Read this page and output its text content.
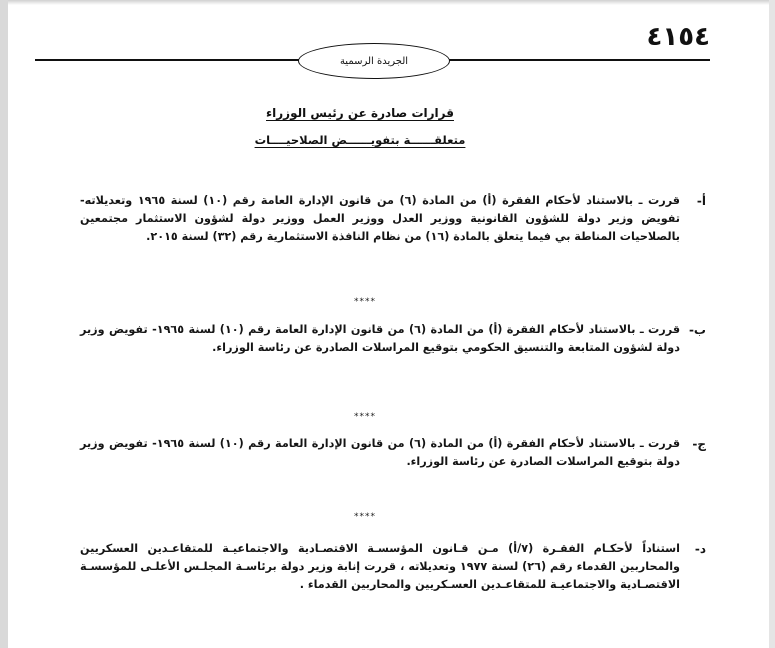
٤١٥٤
الجريدة الرسمية
قرارات صادرة عن رئيس الوزراء
متعلقــــــة بتفويــــــض الصلاحيــــات
أ-
قررت ـ بالاستناد لأحكام الفقرة (أ) من المادة (٦) من قانون الإدارة العامة رقم (١٠) لسنة ١٩٦٥ وتعديلاته- تفويض وزير دولة للشؤون القانونية ووزير العدل ووزير العمل ووزير دولة لشؤون الاستثمار مجتمعين بالصلاحيات المناطة بي فيما يتعلق بالمادة (١٦) من نظام النافذة الاستثمارية رقم (٣٢) لسنة ٢٠١٥.
****
ب-
قررت ـ بالاستناد لأحكام الفقرة (أ) من المادة (٦) من قانون الإدارة العامة رقم (١٠) لسنة ١٩٦٥- تفويض وزير دولة لشؤون المتابعة والتنسيق الحكومي بتوقيع المراسلات الصادرة عن رئاسة الوزراء.
****
ج-
قررت ـ بالاستناد لأحكام الفقرة (أ) من المادة (٦) من قانون الإدارة العامة رقم (١٠) لسنة ١٩٦٥- تفويض وزير دولة بتوقيع المراسلات الصادرة عن رئاسة الوزراء.
****
د-
استناداً لأحكـام الفقـرة (٧/أ) مـن قـانون المؤسسـة الاقتصـادية والاجتماعيـة للمتقاعـدين العسكريين والمحاربين القدماء رقم (٢٦) لسنة ١٩٧٧ وتعديلاته ، قررت إنابة وزير دولة برئاسـة المجلـس الأعلـى للمؤسسـة الاقتصـادية والاجتماعيـة للمتقاعـدين العسـكريين والمحاربين القدماء .
